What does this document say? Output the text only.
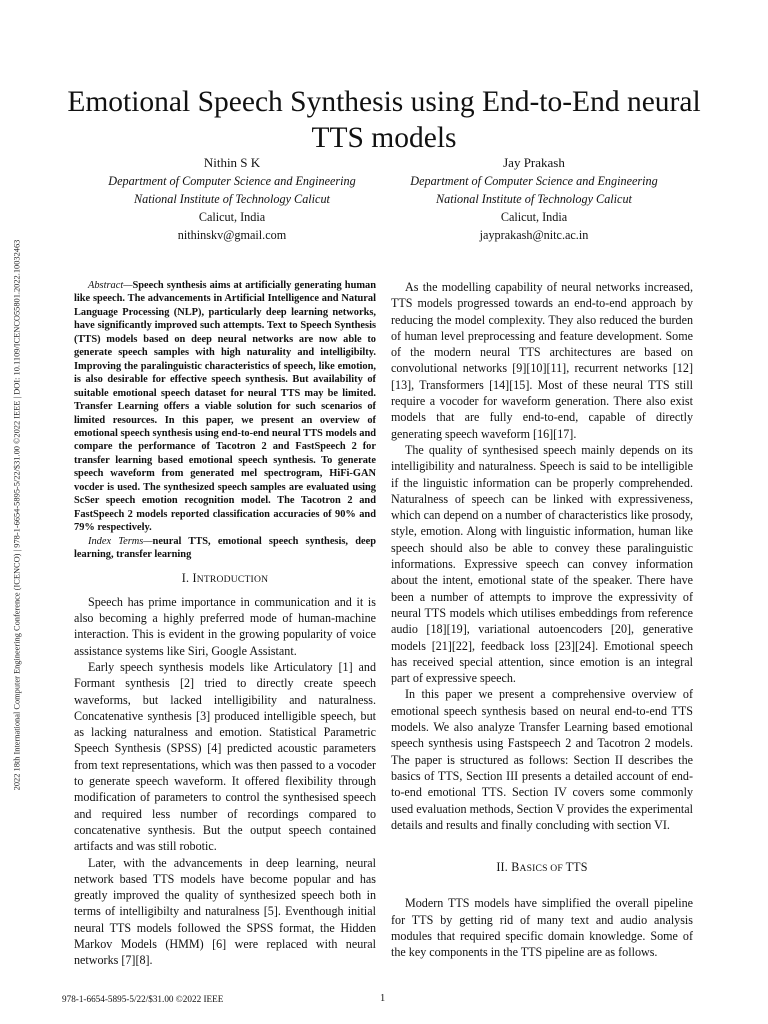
2022 18th International Computer Engineering Conference (ICENCO) | 978-1-6654-5895-5/22/$31.00 ©2022 IEEE | DOI: 10.1109/ICENCO55801.2022.10032463
Emotional Speech Synthesis using End-to-End neural TTS models
Nithin S K
Department of Computer Science and Engineering
National Institute of Technology Calicut
Calicut, India
nithinskv@gmail.com
Jay Prakash
Department of Computer Science and Engineering
National Institute of Technology Calicut
Calicut, India
jayprakash@nitc.ac.in

Abstract—Speech synthesis aims at artificially generating human like speech. The advancements in Artificial Intelligence and Natural Language Processing (NLP), particularly deep learning networks, have significantly improved such attempts. Text to Speech Synthesis (TTS) models based on deep neural networks are now able to generate speech samples with high naturality and intelligibilty. Improving the paralinguistic characteristics of speech, like emotion, is also desirable for effective speech synthesis. But availability of suitable emotional speech dataset for neural TTS may be limited. Transfer Learning offers a viable solution for such scenarios of limited resources. In this paper, we present an overview of emotional speech synthesis using end-to-end neural TTS models and compare the performance of Tacotron 2 and FastSpeech 2 for transfer learning based emotional speech synthesis. To generate speech waveform from generated mel spectrogram, HiFi-GAN vocder is used. The synthesized speech samples are evaluated using ScSer speech emotion recognition model. The Tacotron 2 and FastSpeech 2 models reported classification accuracies of 90% and 79% respectively.

Index Terms—neural TTS, emotional speech synthesis, deep learning, transfer learning

I. INTRODUCTION

Speech has prime importance in communication and it is also becoming a highly preferred mode of human-machine interaction. This is evident in the growing popularity of voice assistance systems like Siri, Google Assistant.

Early speech synthesis models like Articulatory [1] and Formant synthesis [2] tried to directly create speech waveforms, but lacked intelligibility and naturalness. Concatenative synthesis [3] produced intelligible speech, but as lacking naturalness and emotion. Statistical Parametric Speech Synthesis (SPSS) [4] predicted acoustic parameters from text representations, which was then passed to a vocoder to generate speech waveform. It offered flexibility through modification of parameters to control the synthesised speech and required less number of recordings compared to concatenative synthesis. But the output speech contained artifacts and was still robotic.

Later, with the advancements in deep learning, neural network based TTS models have become popular and has greatly improved the quality of synthesized speech both in terms of intelligibilty and naturalness [5]. Eventhough initial neural TTS models followed the SPSS format, the Hidden Markov Models (HMM) [6] were replaced with neural networks [7][8].

As the modelling capability of neural networks increased, TTS models progressed towards an end-to-end approach by reducing the model complexity. They also reduced the burden of human level preprocessing and feature development. Some of the modern neural TTS architectures are based on convolutional networks [9][10][11], recurrent networks [12][13], Transformers [14][15]. Most of these neural TTS still require a vocoder for waveform generation. There also exist models that are fully end-to-end, capable of directly generating speech waveform [16][17].

The quality of synthesised speech mainly depends on its intelligibility and naturalness. Speech is said to be intelligible if the linguistic information can be properly comprehended. Naturalness of speech can be linked with expressiveness, which can depend on a number of characteristics like prosody, style, emotion. Along with linguistic information, human like speech should also be able to convey these paralinguistic informations. Expressive speech can convey information about the intent, emotional state of the speaker. There have been a number of attempts to improve the expressivity of neural TTS models which utilises embeddings from reference audio [18][19], variational autoencoders [20], generative models [21][22], feedback loss [23][24]. Emotional speech has received special attention, since emotion is an integral part of expressive speech.

In this paper we present a comprehensive overview of emotional speech synthesis based on neural end-to-end TTS models. We also analyze Transfer Learning based emotional speech synthesis using Fastspeech 2 and Tacotron 2 models. The paper is structured as follows: Section II describes the basics of TTS, Section III presents a detailed account of end-to-end emotional TTS. Section IV covers some commonly used evaluation methods, Section V provides the experimental details and results and finally concluding with section VI.

II. BASICS OF TTS

Modern TTS models have simplified the overall pipeline for TTS by getting rid of many text and audio analysis modules that required specific domain knowledge. Some of the key components in the TTS pipeline are as follows.

978-1-6654-5895-5/22/$31.00 ©2022 IEEE	1
